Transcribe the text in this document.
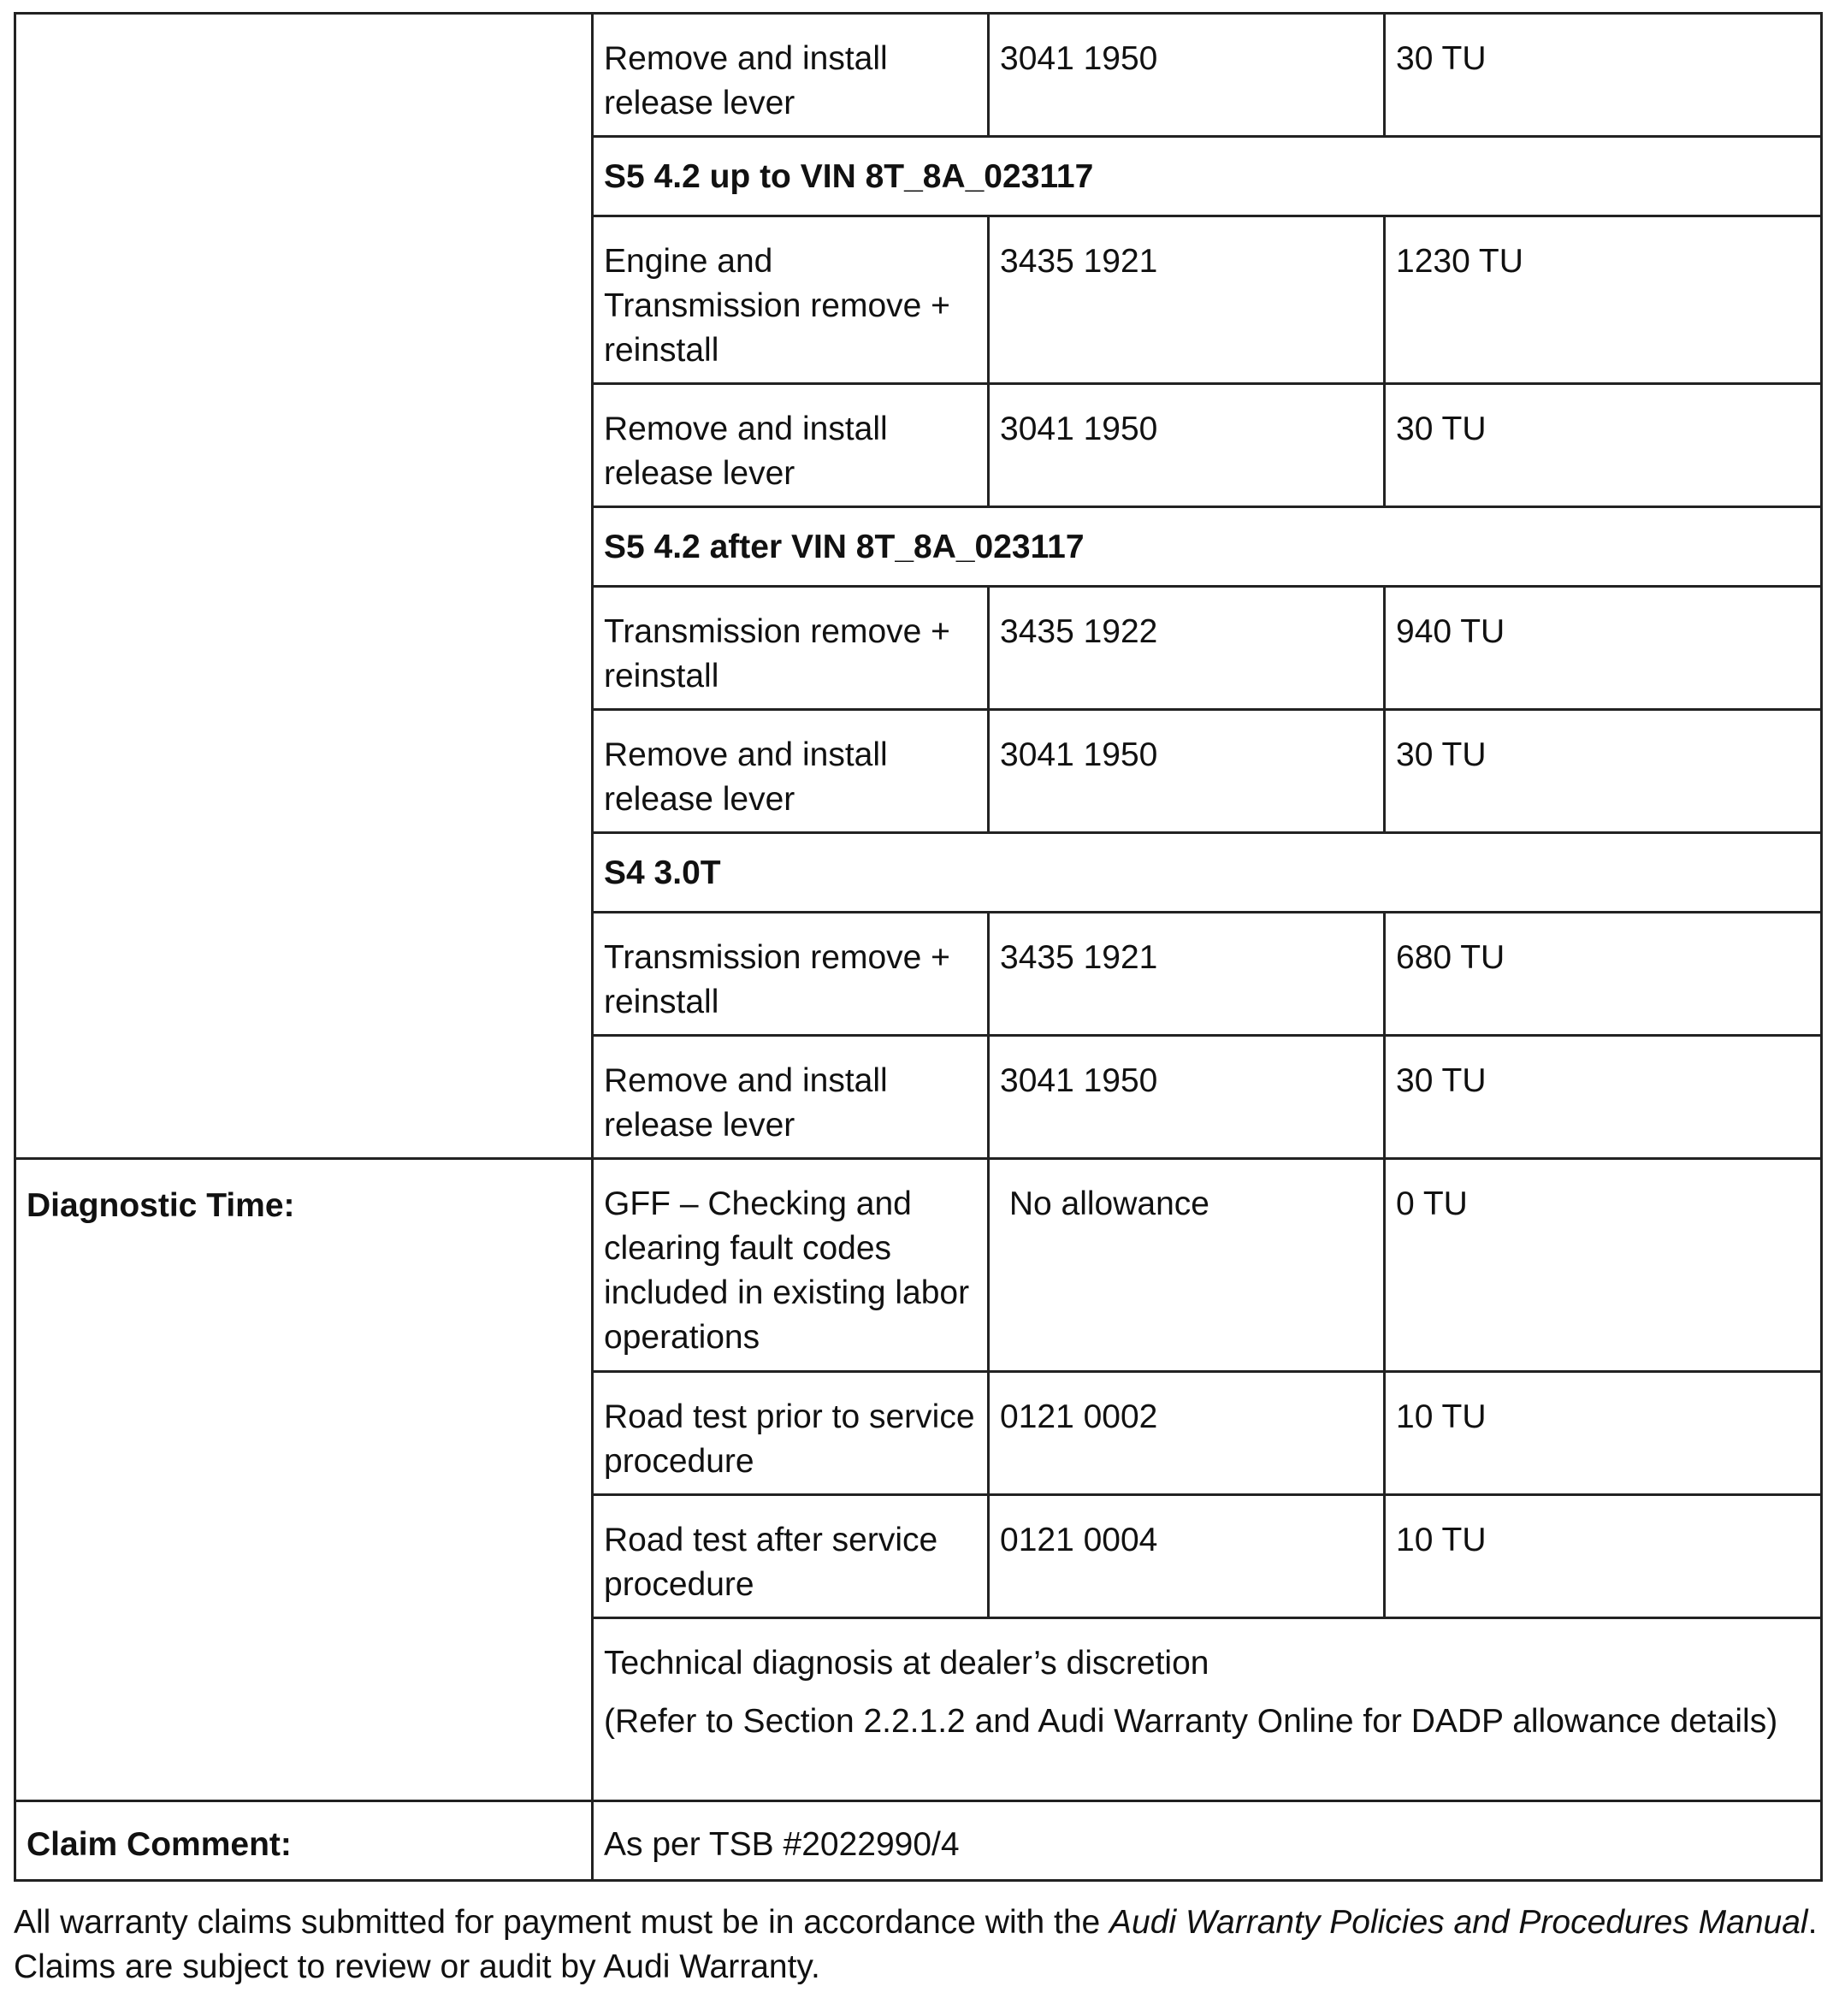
	Remove and install release lever	3041 1950	30 TU
	S5 4.2 up to VIN 8T_8A_023117		
	Engine and Transmission remove + reinstall	3435 1921	1230 TU
	Remove and install release lever	3041 1950	30 TU
	S5 4.2 after VIN 8T_8A_023117		
	Transmission remove + reinstall	3435 1922	940 TU
	Remove and install release lever	3041 1950	30 TU
	S4 3.0T		
	Transmission remove + reinstall	3435 1921	680 TU
	Remove and install release lever	3041 1950	30 TU

Diagnostic Time:	GFF – Checking and clearing fault codes included in existing labor operations	No allowance	0 TU
	Road test prior to service procedure	0121 0002	10 TU
	Road test after service procedure	0121 0004	10 TU

	Technical diagnosis at dealer’s discretion

(Refer to Section 2.2.1.2 and Audi Warranty Online for DADP allowance details)		

Claim Comment:	As per TSB #2022990/4		
All warranty claims submitted for payment must be in accordance with the Audi Warranty Policies and Procedures Manual. Claims are subject to review or audit by Audi Warranty.
